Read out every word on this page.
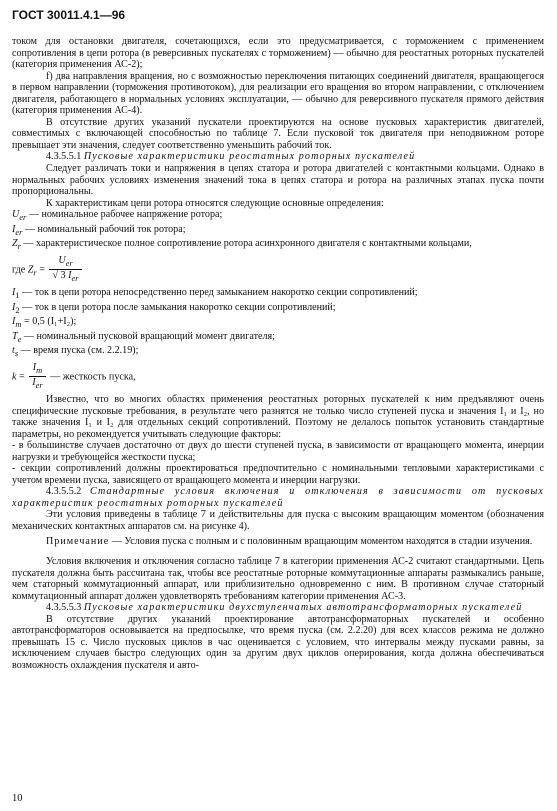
ГОСТ 30011.4.1—96

током для остановки двигателя, сочетающихся, если это предусматривается, с торможением с применением сопротивления в цепи ротора (в реверсивных пускателях с торможением) — обычно для реостатных роторных пускателей (категория применения АС-2);

f) два направления вращения, но с возможностью переключения питающих соединений двигателя, вращающегося в первом направлении (торможения противотоком), для реализации его вращения во втором направлении, с отключением двигателя, работающего в нормальных условиях эксплуатации, — обычно для реверсивного пускателя прямого действия (категория применения АС-4).

В отсутствие других указаний пускатели проектируются на основе пусковых характеристик двигателей, совместимых с включающей способностью по таблице 7. Если пусковой ток двигателя при неподвижном роторе превышает эти значения, следует соответственно уменьшить рабочий ток.

4.3.5.5.1 Пусковые характеристики реостатных роторных пускателей

Следует различать токи и напряжения в цепях статора и ротора двигателей с контактными кольцами. Однако в нормальных рабочих условиях изменения значений тока в цепях статора и ротора на различных этапах пуска почти пропорциональны.

К характеристикам цепи ротора относятся следующие основные определения:

$U_{er}$ — номинальное рабочее напряжение ротора;

$I_{er}$ — номинальный рабочий ток ротора;

$Z_r$ — характеристическое полное сопротивление ротора асинхронного двигателя с контактными кольцами,

где $Z_r = \frac{U_{er}}{√ 3 I_{er}}$

$I_1$ — ток в цепи ротора непосредственно перед замыканием накоротко секции сопротивлений;

$I_2$ — ток в цепи ротора после замыкания накоротко секции сопротивлений;

$I_m = 0,5$ (I₁+I₂);

$T_e$ — номинальный пусковой вращающий момент двигателя;

$t_s$ — время пуска (см. 2.2.19);

$k = \frac{I_m}{I_{er}}$ — жесткость пуска,

Известно, что во многих областях применения реостатных роторных пускателей к ним предъявляют очень специфические пусковые требования, в результате чего разнятся не только число ступеней пуска и значения I₁ и I₂, но также значения I₁ и I₂ для отдельных секций сопротивлений. Поэтому не делалось попыток установить стандартные параметры, но рекомендуется учитывать следующие факторы:

- в большинстве случаев достаточно от двух до шести ступеней пуска, в зависимости от вращающего момента, инерции нагрузки и требующейся жесткости пуска;

- секции сопротивлений должны проектироваться предпочтительно с номинальными тепловыми характеристиками с учетом времени пуска, зависящего от вращающего момента и инерции нагрузки.

4.3.5.5.2 Стандартные условия включения и отключения в зависимости от пусковых характеристик реостатных роторных пускателей

Эти условия приведены в таблице 7 и действительны для пуска с высоким вращающим моментом (обозначения механических контактных аппаратов см. на рисунке 4).

Примечание — Условия пуска с полным и с половинным вращающим моментом находятся в стадии изучения.

Условия включения и отключения согласно таблице 7 в категории применения АС-2 считают стандартными. Цепь пускателя должна быть рассчитана так, чтобы все реостатные роторные коммутационные аппараты размыкались раньше, чем статорный коммутационный аппарат, или приблизительно одновременно с ним. В противном случае статорный коммутационный аппарат должен удовлетворять требованиям категории применения АС-3.

4.3.5.5.3 Пусковые характеристики двухступенчатых автотрансформаторных пускателей

В отсутствие других указаний проектирование автотрансформаторных пускателей и особенно автотрансформаторов основывается на предпосылке, что время пуска (см. 2.2.20) для всех классов режима не должно превышать 15 с. Число пусковых циклов в час оценивается с условием, что интервалы между пусками равны, за исключением случаев быстро следующих один за другим двух циклов оперирования, когда должна обеспечиваться возможность охлаждения пускателя и авто-

10
